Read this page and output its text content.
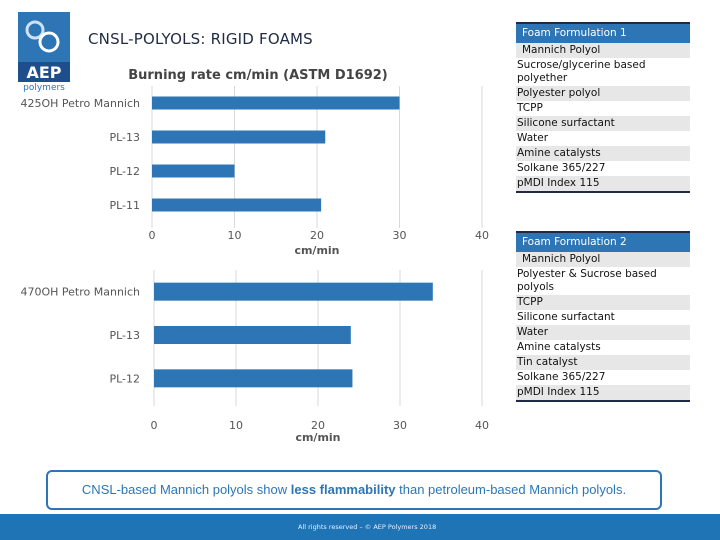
AEP
polymers
CNSL-POLYOLS: RIGID FOAMS
0	10	20	30	40
425OH Petro Mannich
PL-13
PL-12
PL-11
Burning rate cm/min (ASTM D1692)
cm/min
0	10	20	30	40
470OH Petro Mannich
PL-13
PL-12
cm/min
Foam Formulation 1
Mannich Polyol
Sucrose/glycerine based polyether
Polyester polyol
TCPP
Silicone surfactant
Water
Amine catalysts
Solkane 365/227
pMDI Index 115
Foam Formulation 2
Mannich Polyol
Polyester & Sucrose based polyols
TCPP
Silicone surfactant
Water
Amine catalysts
Tin catalyst
Solkane 365/227
pMDI Index 115
CNSL-based Mannich polyols show less flammability than petroleum-based Mannich polyols.
All rights reserved – © AEP Polymers 2018
